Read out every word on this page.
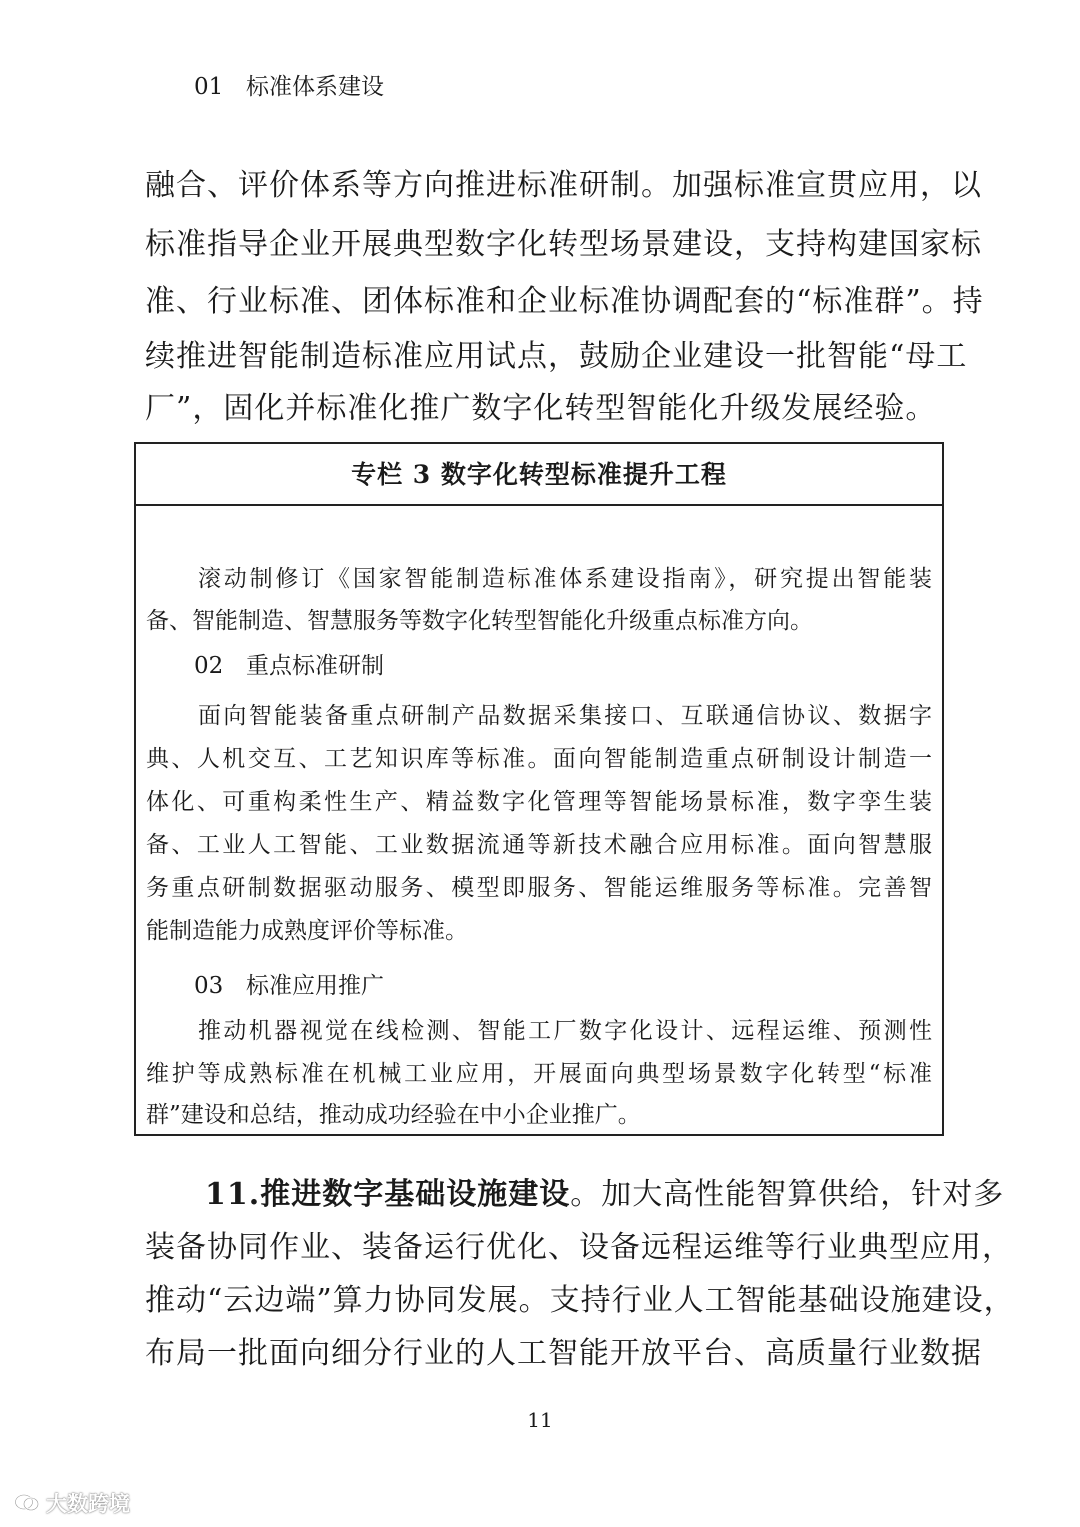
融合、评价体系等方向推进标准研制。加强标准宣贯应用，以
标准指导企业开展典型数字化转型场景建设，支持构建国家标
准、行业标准、团体标准和企业标准协调配套的“标准群”。持
续推进智能制造标准应用试点，鼓励企业建设一批智能“母工
厂”，固化并标准化推广数字化转型智能化升级发展经验。
专栏 3 数字化转型标准提升工程
01 标准体系建设
滚动制修订《国家智能制造标准体系建设指南》，研究提出智能装
备、智能制造、智慧服务等数字化转型智能化升级重点标准方向。
02 重点标准研制
面向智能装备重点研制产品数据采集接口、互联通信协议、数据字
典、人机交互、工艺知识库等标准。面向智能制造重点研制设计制造一
体化、可重构柔性生产、精益数字化管理等智能场景标准，数字孪生装
备、工业人工智能、工业数据流通等新技术融合应用标准。面向智慧服
务重点研制数据驱动服务、模型即服务、智能运维服务等标准。完善智
能制造能力成熟度评价等标准。
03 标准应用推广
推动机器视觉在线检测、智能工厂数字化设计、远程运维、预测性
维护等成熟标准在机械工业应用，开展面向典型场景数字化转型“标准
群”建设和总结，推动成功经验在中小企业推广。
11.推进数字基础设施建设。加大高性能智算供给，针对多
装备协同作业、装备运行优化、设备远程运维等行业典型应用，
推动“云边端”算力协同发展。支持行业人工智能基础设施建设，
布局一批面向细分行业的人工智能开放平台、高质量行业数据
11
大数跨境
